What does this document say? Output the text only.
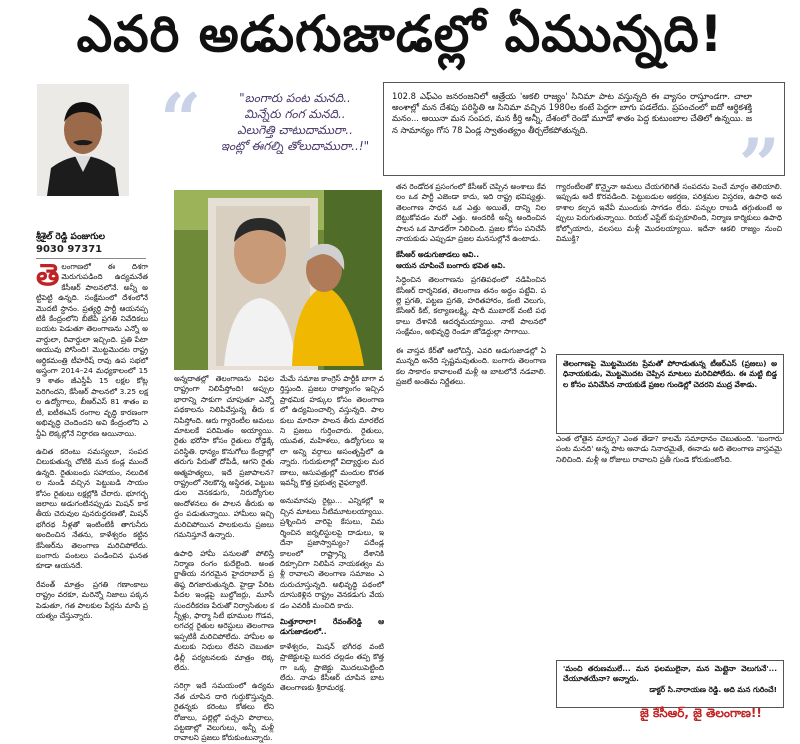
ఎవరి అడుగుజాడల్లో ఏమున్నది!
శ్రీశైల్ రెడ్డి పంజుగుల
9030 97371
“	"బంగారు పంట మనది..
మిన్నేరు గంగ మనది..
ఎలుగెత్తి చాటుదామురా..
ఇంట్లో ఈగల్ని తోలుదామురా..!"
102.8 ఎఫ్ఎం జనరంజనిలో ఆత్రేయ 'ఆకలి రాజ్యం' సినిమా పాట వస్తున్నది ఈ వ్యాసం రాస్తూండగా. చాలా అంశాల్లో మన దేశపు పరిస్థితి ఆ సినిమా వచ్చిన 1980ల కంటే పెద్దగా బాగు పడలేదు. ప్రపంచంలో ఐదో ఆర్థికశక్తి మనం... అయినా మన సంపద, మన కీర్తి అన్నీ, దేశంలో రెండో మూడో శాతం పెద్ద కుటుంబాల చేతిలో ఉన్నయి. జన సామాన్యం గోస 78 ఏండ్ల స్వాతంత్య్రం తీర్చలేకపోతున్నది.	”
తె లంగాణలో ఈ దిశగా మెరుగుపడింది ఉద్యమనేత కేసీఆర్ పాలనలోనే. అన్నీ అట్టిపెట్టి ఉన్నది. సంక్షేమంలో దేశంలోనే మొదటి స్థానం. ప్రత్యర్థి పార్టీ ఆయనప్పటికీ కేంద్రంలోని బీజేపీ ప్రగతి నివేదికలు బయట పెడుతూ తెలంగాణను ఎన్నో అవార్డులా, రివార్డులా ఇచ్చింది. ప్రతి పేటా ఆయువు పోసింది! మొట్టమొదట రాష్ట్ర ఆర్థికమంత్రి టీహరీష్ రావు ఉప సభలో అస్త్రంగా 2014–24 మధ్యకాలంలో 159 శాతం జీఎస్డీపీ 15 లక్షల కోట్ల పెరిగిందని, కేసీఆర్ పాలనలో 3.25 లక్షల ఉద్యోగాలు, బీఆర్ఎస్ 81 శాతం ఐటీ, ఐటీఈఎస్ రంగాల వృద్ధి కారణంగా అభివృద్ధి చెందిందని అవి కేంద్రంలోని ఎన్డీఏ లెక్కల్లోనే నిర్ధారణ అయినాయి.
ఉచిత కరెంటు సమస్యలూ, సంపద చిలుకుతున్న చోటికి మన కండ్ల ముందే ఉన్నది. రైతుబంధు సహాయం, నలుదిశల నుండి వచ్చిన పెట్టుబడి సాయం కోసం రైతులు లక్షల్లోకి చేరారు. భూగర్భ జలాలు అడుగంటినప్పుడు మిషన్ కాకతీయ చెరువుల పునరుద్ధరణతో, మిషన్ భగీరథ నీళ్లతో ఇంటింటికీ తాగునీరు అందించిన నేతను, కాళేశ్వరం కట్టిన కేసీఆర్‌ను తెలంగాణ మరిచిపోలేదు. బంగారు పంటలు పండించిన ఘనత కూడా ఆయనదే.
రేవంత్ మాత్రం ప్రగతి గణాంకాలు రాష్ట్రం వరకూ, మరెన్నో నిజాలు పక్కన పెడుతూ, గత పాలకుల పేర్లను మాపే ప్రయత్నం చేస్తున్నారు.
అన్నదాతల్లో తెలంగాణను విఫల రాష్ట్రంగా నిలిపేస్తోంది! అప్పుల భారాన్ని సాకుగా చూపుతూ ఎన్నో పథకాలను నిలిపివేస్తున్న తీరు కనిపిస్తోంది. ఆరు గ్యారెంటీల అమలు మాటలకే పరిమితం అయ్యాయి. రైతు భరోసా కోసం రైతులు రోడ్డెక్కే పరిస్థితి. ధాన్యం కొనుగోలు కేంద్రాల్లో తరుగు పేరుతో దోపిడీ, ఆగని రైతు ఆత్మహత్యలు, ఇదే ప్రజాపాలన? రాష్ట్రంలో నెలకొన్న అస్థిరత, పెట్టుబడుల వెనకడుగు, నిరుద్యోగుల ఆందోళనలు ఈ పాలన తీరుకు అద్దం పడుతున్నాయి. హామీలు ఇచ్చి మరిచిపోయిన పాలకులను ప్రజలు గమనిస్తూనే ఉన్నారు.
ఉపాధి హామీ పనులతో పోలిస్తే నిర్మాణ రంగం కుదేలైంది. అంతర్జాతీయ నగరమైన హైదరాబాద్ ప్రతిష్ఠ దిగజారుతున్నది. హైడ్రా పేరిట పేదల ఇండ్లపై బుల్డోజర్లు, మూసీ సుందరీకరణ పేరుతో నిర్వాసితుల కన్నీళ్లు, ఫార్మా సిటీ భూముల గొడవ, లగచర్ల రైతుల అరెస్టులు తెలంగాణ ఇప్పటికీ మరిచిపోలేదు. హామీల అమలుకు నిధులు లేవని చెబుతూ ఢిల్లీ పర్యటనలకు మాత్రం లెక్కలేదు.
సరిగ్గా ఇదే సమయంలో ఉద్యమ నేత చూపిన దారి గుర్తుకొస్తున్నది. రైతన్నకు కరెంటు కోతలు లేని రోజులు, పల్లెల్లో పచ్చని పొలాలు, పట్టణాల్లో వెలుగులు, అన్నీ మళ్లీ రావాలని ప్రజలు కోరుకుంటున్నారు.
మేమే సమాజ కాంగ్రెస్ పార్టీకి బాగా వర్తిస్తుంది. ప్రజలు రాజ్యాంగం ఇచ్చిన ప్రాథమిక హక్కుల కోసం తెలంగాణలో ఉద్యమించాల్సి వస్తున్నది. పాలకులు మారినా పాలన తీరు మారలేదని ప్రజలు గుర్తించారు. రైతులు, యువత, మహిళలు, ఉద్యోగులు ఇలా అన్ని వర్గాలు అసంతృప్తిలో ఉన్నారు. గురుకులాల్లో విద్యార్థుల మరణాలు, ఆసుపత్రుల్లో మందుల కొరత ఇవన్నీ కొత్త ప్రభుత్వ వైఫల్యాలే.
అనుమానపు రైట్లు... ఎన్నికల్లో ఇచ్చిన మాటలు నీటిమూటలయ్యాయి. ప్రశ్నించిన వారిపై కేసులు, విమర్శించిన జర్నలిస్టులపై దాడులు, ఇదేనా ప్రజాస్వామ్యం? పదేండ్ల కాలంలో రాష్ట్రాన్ని దేశానికి దిక్సూచిగా నిలిపిన నాయకత్వం మళ్లీ రావాలని తెలంగాణ సమాజం ఎదురుచూస్తున్నది. అభివృద్ధి పథంలో దూసుకెళ్లిన రాష్ట్రం వెనకడుగు వేయడం ఎవరికీ మంచిది కాదు.
మిత్తూరాలా! రేవంత్‌రెడ్డి ఆడుగుజాడలలో..
కాళేశ్వరం, మిషన్ భగీరథ వంటి ప్రాజెక్టులపై బురద చల్లడం తప్ప కొత్తగా ఒక్క ప్రాజెక్టు మొదలుపెట్టింది లేదు. నాడు కేసీఆర్ చూపిన బాట తెలంగాణకు శ్రీరామరక్ష.
తన రెండోదశ ప్రసంగంలో కేసీఆర్ చెప్పిన అంశాలు కేవలం ఒక పార్టీ ఎజెండా కాదు, ఇది రాష్ట్ర భవిష్యత్తు. తెలంగాణ సాధన ఒక ఎత్తు అయితే, దాన్ని నిలబెట్టుకోవడం మరో ఎత్తు. అందరికీ అన్నీ అందించిన పాలన ఒక మోడల్‌గా నిలిచింది. ప్రజల కోసం పనిచేసే నాయకుడు ఎప్పుడూ ప్రజల మనసుల్లోనే ఉంటాడు.
కేసీఆర్ అడుగుజాడలు ఆవి..
ఆయన చూపించే బంగారు భవిత ఆవి.
సిద్ధించిన తెలంగాణను ప్రగతిపథంలో నడిపించిన కేసీఆర్ దార్శనికత, తెలంగాణ తనం అద్దం పట్టేవి. పల్లె ప్రగతి, పట్టణ ప్రగతి, హరితహారం, కంటి వెలుగు, కేసీఆర్ కిట్, కల్యాణలక్ష్మి, షాదీ ముబారక్ వంటి పథకాలు దేశానికి ఆదర్శమయ్యాయి. నాటి పాలనలో సంక్షేమం, అభివృద్ధి రెండూ జోడెద్దుల్లా సాగాయి.
ఈ వాస్తవ కేర్‌తో ఆలోచిస్తే, ఎవరి అడుగుజాడల్లో ఏమున్నది అనేది స్పష్టమవుతుంది. బంగారు తెలంగాణ కల సాకారం కావాలంటే మళ్లీ ఆ బాటలోనే నడవాలి. ప్రజలే అంతిమ నిర్ణేతలు.
గ్యారంటీలతో కొన్నైనా అమలు చేయగలిగితే సంపదను పెంచే మార్గం తెలియాలి. ఇప్పుడు అదే కొరవడింది. పెట్టుబడుల ఆకర్షణ, పరిశ్రమల విస్తరణ, ఉపాధి అవకాశాల కల్పన ఇవేవీ ముందుకు సాగడం లేదు. పన్నుల రాబడి తగ్గుతుంటే అప్పులు పెరుగుతున్నాయి. రియల్ ఎస్టేట్ కుప్పకూలింది, నిర్మాణ కార్మికులు ఉపాధి కోల్పోయారు, వలసలు మళ్లీ మొదలయ్యాయి. ఇదేనా ఆకలి రాజ్యం నుంచి విముక్తి?
తెలంగాణపై మొట్టమొదట ప్రేమతో పోరాడుతున్న టీఆర్ఎస్ (ప్రజలు) అధినాయకుడు, మొట్టమొదట చెప్పిన మాటలు మరిచిపోలేదు. ఈ మట్టి బిడ్డల కోసం పనిచేసిన నాయకుడే ప్రజల గుండెల్లో చెదరని ముద్ర వేశాడు.
ఎంత లోతైన మార్పు? ఎంత తేడా? కాలమే సమాధానం చెబుతుంది. 'బంగారు పంట మనది' అన్న పాట ఆనాడు నినాదమైతే, ఈనాడు అది తెలంగాణ వాస్తవమై నిలిచింది. మళ్లీ ఆ రోజులు రావాలని ప్రతీ గుండె కోరుకుంటోంది.
'మంచి తరుణములే... మన ఫలములైనా, మన మెట్లైనా వెలుగునే'... చేయూతయేనా? అన్నారు.
డాక్టర్ సి.నారాయణ రెడ్డి. అది మన గురించే!
జై కేసీఆర్, జై తెలంగాణ!!
